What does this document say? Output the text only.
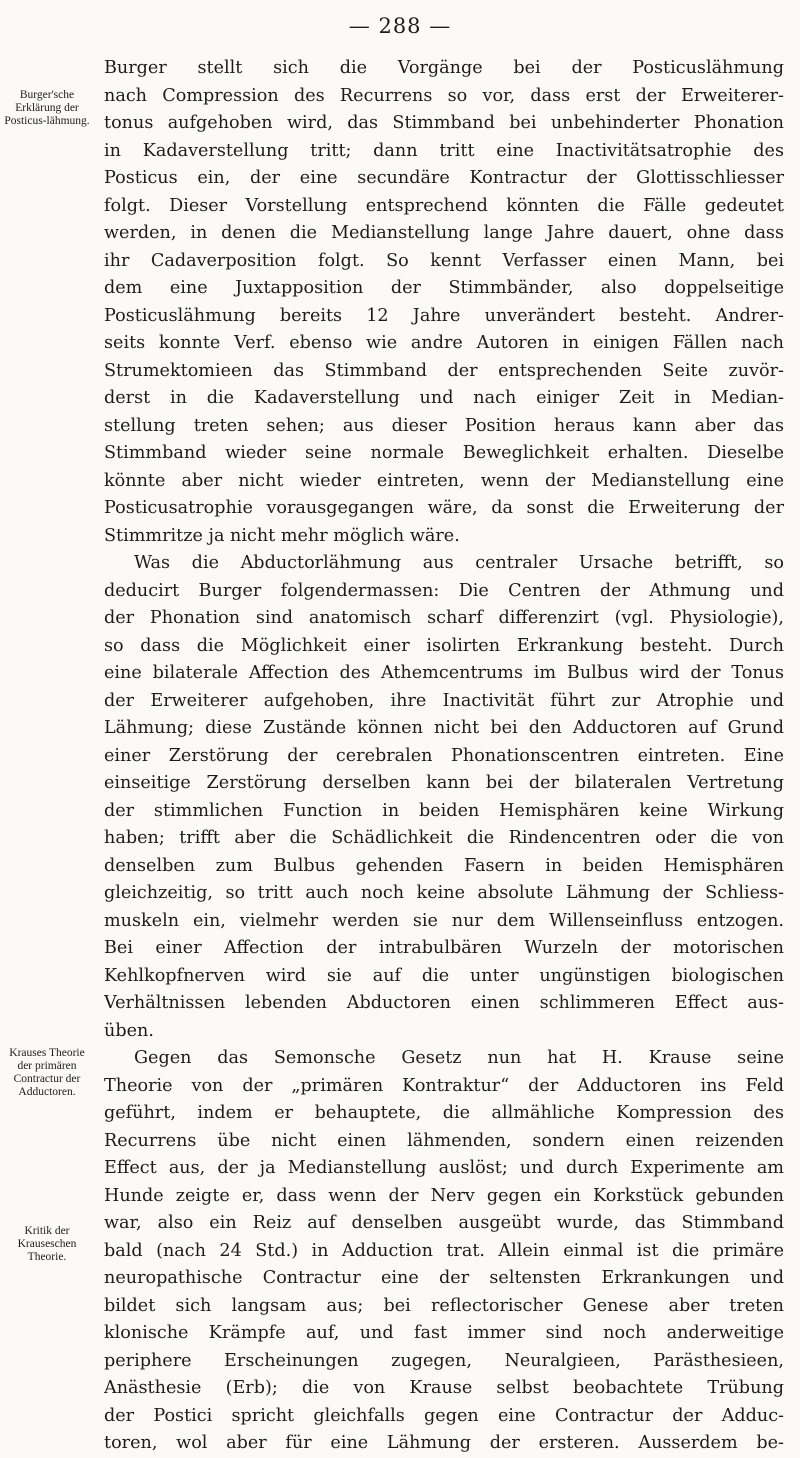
— 288 —
Burger'sche Erklärung der Posticus-lähmung.
Krauses Theorie der primären Contractur der Adductoren.
Kritik der Krauseschen Theorie.
Burger stellt sich die Vorgänge bei der Posticuslähmung
nach Compression des Recurrens so vor, dass erst der Erweiterer-
tonus aufgehoben wird, das Stimmband bei unbehinderter Phonation
in Kadaverstellung tritt; dann tritt eine Inactivitätsatrophie des
Posticus ein, der eine secundäre Kontractur der Glottisschliesser
folgt. Dieser Vorstellung entsprechend könnten die Fälle gedeutet
werden, in denen die Medianstellung lange Jahre dauert, ohne dass
ihr Cadaverposition folgt. So kennt Verfasser einen Mann, bei
dem eine Juxtapposition der Stimmbänder, also doppelseitige
Posticuslähmung bereits 12 Jahre unverändert besteht. Andrer-
seits konnte Verf. ebenso wie andre Autoren in einigen Fällen nach
Strumektomieen das Stimmband der entsprechenden Seite zuvör-
derst in die Kadaverstellung und nach einiger Zeit in Median-
stellung treten sehen; aus dieser Position heraus kann aber das
Stimmband wieder seine normale Beweglichkeit erhalten. Dieselbe
könnte aber nicht wieder eintreten, wenn der Medianstellung eine
Posticusatrophie vorausgegangen wäre, da sonst die Erweiterung der
Stimmritze ja nicht mehr möglich wäre.
Was die Abductorlähmung aus centraler Ursache betrifft, so
deducirt Burger folgendermassen: Die Centren der Athmung und
der Phonation sind anatomisch scharf differenzirt (vgl. Physiologie),
so dass die Möglichkeit einer isolirten Erkrankung besteht. Durch
eine bilaterale Affection des Athemcentrums im Bulbus wird der Tonus
der Erweiterer aufgehoben, ihre Inactivität führt zur Atrophie und
Lähmung; diese Zustände können nicht bei den Adductoren auf Grund
einer Zerstörung der cerebralen Phonationscentren eintreten. Eine
einseitige Zerstörung derselben kann bei der bilateralen Vertretung
der stimmlichen Function in beiden Hemisphären keine Wirkung
haben; trifft aber die Schädlichkeit die Rindencentren oder die von
denselben zum Bulbus gehenden Fasern in beiden Hemisphären
gleichzeitig, so tritt auch noch keine absolute Lähmung der Schliess-
muskeln ein, vielmehr werden sie nur dem Willenseinfluss entzogen.
Bei einer Affection der intrabulbären Wurzeln der motorischen
Kehlkopfnerven wird sie auf die unter ungünstigen biologischen
Verhältnissen lebenden Abductoren einen schlimmeren Effect aus-
üben.
Gegen das Semonsche Gesetz nun hat H. Krause seine
Theorie von der „primären Kontraktur“ der Adductoren ins Feld
geführt, indem er behauptete, die allmähliche Kompression des
Recurrens übe nicht einen lähmenden, sondern einen reizenden
Effect aus, der ja Medianstellung auslöst; und durch Experimente am
Hunde zeigte er, dass wenn der Nerv gegen ein Korkstück gebunden
war, also ein Reiz auf denselben ausgeübt wurde, das Stimmband
bald (nach 24 Std.) in Adduction trat. Allein einmal ist die primäre
neuropathische Contractur eine der seltensten Erkrankungen und
bildet sich langsam aus; bei reflectorischer Genese aber treten
klonische Krämpfe auf, und fast immer sind noch anderweitige
periphere Erscheinungen zugegen, Neuralgieen, Parästhesieen,
Anästhesie (Erb); die von Krause selbst beobachtete Trübung
der Postici spricht gleichfalls gegen eine Contractur der Adduc-
toren, wol aber für eine Lähmung der ersteren. Ausserdem be-
